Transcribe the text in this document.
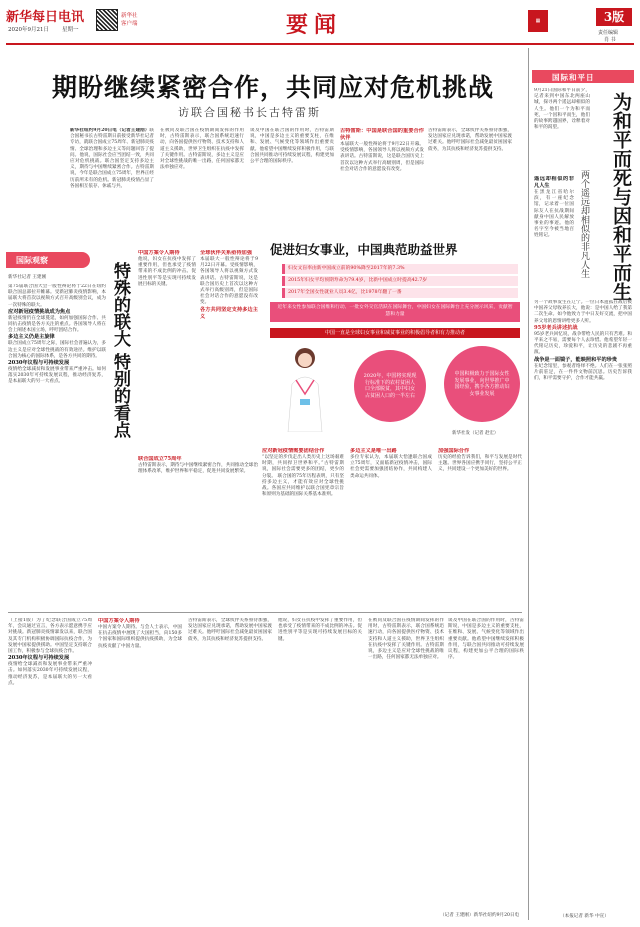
新华每日电讯
2020年9月21日 星期一
新华社
客户端	要闻	▦	3版
责任编辑
肖 书
期盼继续紧密合作，共同应对危机挑战
访联合国秘书长古特雷斯
新华社纽约9月20日电（记者王建刚）联合国秘书长古特雷斯日前接受新华社记者专访，就联合国成立75周年、新冠肺炎疫情、全球治理和多边主义等问题回答了提问。他说，国际社会应当团结一致，共同应对危机挑战。联合国坚定支持多边主义，期待与中国继续紧密合作。古特雷斯说，今年是联合国成立75周年，世界正经历前所未有的危机。新冠肺炎疫情凸显了各国相互依存、休戚与共。
在被问及联合国在疫情期间发挥的作用时，古特雷斯表示，联合国系统迅速行动，向各国提供医疗物资、技术支持和人道主义援助，世界卫生组织在抗疫中发挥了关键作用。古特雷斯说，多边主义是应对全球性挑战的唯一出路，任何国家都无法单独应对。
谈及中国在联合国的作用时，古特雷斯说，中国是多边主义的重要支柱，在维和、发展、气候变化等领域作出重要贡献。他希望中国继续发挥积极作用，与联合国共同推动可持续发展议程，构建更加公平合理的国际秩序。
古特雷斯：中国是联合国的重要合作伙伴
本届联大一般性辩论将于9月22日开幕。受疫情影响，各国领导人将以视频方式发表讲话。古特雷斯说，这是联合国历史上首次以这种方式举行高级别周，但是国际社会对话合作的意愿没有改变。
古特雷斯表示，全球伙伴关系亟待加强，发达国家应兑现承诺，帮助发展中国家渡过难关。他呼吁国际社会减免最贫困国家债务，为其抗疫和经济复苏提供支持。
国际观察
新华社记者 王建刚	特殊的联大 特别的看点
第75届联合国大会一般性辩论将于22日在纽约联合国总部拉开帷幕。受新冠肺炎疫情影响，本届联大将首次以视频方式召开高级别会议，成为一次特殊的联大。
应对新冠疫情挑战成为焦点
新冠疫情仍在全球蔓延，如何加强国际合作、共同抗击疫情是各方关注的重点。各国领导人将在会上阐述本国立场，呼吁团结合作。
多边主义仍是主旋律
联合国成立75周年之际，国际社会普遍认为，多边主义是应对全球性挑战的有效途径。维护以联合国为核心的国际体系，是各方共同的期待。
2030年议程与可持续发展
疫情给全球减贫和发展事业带来严重冲击。如何落实2030年可持续发展议程，推动经济复苏，是本届联大的另一大看点。
中国方案令人期待
他说，妇女在抗疫中发挥了重要作用，但也承受了疫情带来的不成比例的冲击。促进性别平等是实现可持续发展目标的关键。
全球伙伴关系亟待加强
本届联大一般性辩论将于9月22日开幕。受疫情影响，各国领导人将以视频方式发表讲话。古特雷斯说，这是联合国历史上首次以这种方式举行高级别周，但是国际社会对话合作的意愿没有改变。
各方共同坚定支持多边主义
促进妇女事业，中国典范助益世界
妇女文盲率由新中国成立前的90%降至2017年的7.3%
2015年妇女平均预期寿命为79.4岁，比新中国成立时提高42.7岁
2017年全国女性就业人员3.4亿，比1978年翻了一番
近年来女性参加联合国维和行动、一批女外交官活跃在国际舞台，中国妇女在国际舞台上充分展示风采，贡献智慧和力量
中国一直是全球妇女事业和减贫事业的积极倡导者和有力推动者
2020年，中国将实现现行标准下的农村贫困人口全部脱贫，其中妇女占贫困人口的一半左右
中国积极致力于国际女性发展事业，向世界推广中国经验，携手各方推动妇女事业发展
新华社发（记者 赵宏）
应对新冠疫情需要团结合作
“以坚定的步伐走出人类历史上这场艰难时期，共同捍卫世界和平。”古特雷斯说，国际社会需要更多的团结，更少的分裂。 联合国的75年历程表明，只有坚持多边主义，才能有效应对全球性挑战。各国应共同维护以联合国宪章宗旨和原则为基础的国际关系基本准则。
多边主义是唯一出路
多位专家认为，本届联大恰逢联合国成立75周年，又面临新冠疫情冲击，国际社会更需要加强团结协作，共同构建人类命运共同体。
加强国际合作
历史的经验告诉我们，和平与发展是时代主题。世界各国应携手同行，坚持公平正义，共同建设一个更加美好的世界。
联合国成立75周年
古特雷斯表示，期待与中国继续紧密合作，共同推动全球治理体系改革，维护世界和平稳定，促进共同发展繁荣。
（上接1版）为了纪念联合国成立75周年，会议通过宣言，各方表示愿意携手应对挑战。新冠肺炎疫情暴发以来，联合国及其专门机构积极协调国际抗疫合作，为发展中国家提供援助。中国坚定支持联合国工作，积极参与全球抗疫合作。
2030年议程与可持续发展
疫情给全球减贫和发展事业带来严重冲击。如何落实2030年可持续发展议程，推动经济复苏，是本届联大的另一大看点。
中国方案令人期待
中国方案令人期待。与会人士表示，中国在抗击疫情中展现了大国担当，向150多个国家和国际组织提供抗疫援助，为全球抗疫贡献了中国力量。
古特雷斯表示，全球伙伴关系亟待加强，发达国家应兑现承诺，帮助发展中国家渡过难关。他呼吁国际社会减免最贫困国家债务，为其抗疫和经济复苏提供支持。
他说，妇女在抗疫中发挥了重要作用，但也承受了疫情带来的不成比例的冲击。促进性别平等是实现可持续发展目标的关键。
在被问及联合国在疫情期间发挥的作用时，古特雷斯表示，联合国系统迅速行动，向各国提供医疗物资、技术支持和人道主义援助，世界卫生组织在抗疫中发挥了关键作用。古特雷斯说，多边主义是应对全球性挑战的唯一出路，任何国家都无法单独应对。
谈及中国在联合国的作用时，古特雷斯说，中国是多边主义的重要支柱，在维和、发展、气候变化等领域作出重要贡献。他希望中国继续发挥积极作用，与联合国共同推动可持续发展议程，构建更加公平合理的国际秩序。
（记者 王建刚）新华社纽约9月20日电
国际和平日
为和平而死与因和平而生
两个遥远却相似的非凡人生
9月21日国际和平日前夕，记者来到中国东北两座山城，探寻两个遥远却相似的人生。他们一个为和平而死，一个因和平而生，他们的故事跨越国界，诠释着对和平的渴望。
遥远却相似的非凡人生
在黑龙江省哈尔滨，有一座纪念馆，记录着一位国际友人在抗战期间献身中国人民解放事业的事迹。他的名字至今被当地百姓铭记。
另一个故事发生在辽宁。一位日本遗孤在战后被中国养父母收养长大，他说：是中国人给了我第二次生命。如今他致力于中日友好交流，把中国养父母的恩情讲给更多人听。
95岁老兵讲述抗战
95岁老兵回忆说，战争带给人民的只有苦难。和平来之不易，需要每个人去珍惜。他希望年轻一代铭记历史，珍爱和平，让历史的悲剧不再重演。
战争是一面镜子，能映照和平的珍贵
在纪念馆里，参观者络绎不绝。人们在一张张照片前驻足，在一件件文物前沉思。历史告诉我们，和平需要守护，合作才能共赢。
（本报记者 新华 中宣）
